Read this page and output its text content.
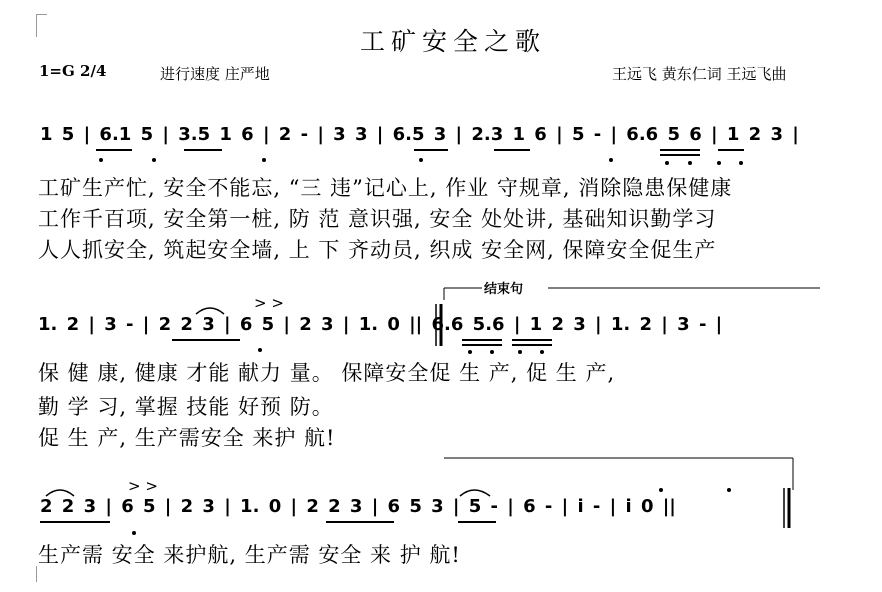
工矿安全之歌
1=G 2/4	进行速度 庄严地	王远飞 黄东仁词 王远飞曲
1 5 | 6.1 5 | 3.5 1 6 | 2 - | 3 3 | 6.5 3 | 2.3 1 6 | 5 - | 6.6 5 6 | 1 2 3 |
1. 2 | 3 - | 2 2 3 | 6 5 | 2 3 | 1. 0 || 6.6 5.6 | 1 2 3 | 1. 2 | 3 - |
2 2 3 | 6 5 | 2 3 | 1. 0 | 2 2 3 | 6 5 3 | 5 - | 6 - | i - | i 0 ||
结束句
工矿生产忙, 安全不能忘, “三 违”记心上, 作业 守规章, 消除隐患保健康
工作千百项, 安全第一桩, 防 范 意识强, 安全 处处讲, 基础知识勤学习
人人抓安全, 筑起安全墙, 上 下 齐动员, 织成 安全网, 保障安全促生产
保 健 康, 健康 才能 献力 量。 保障安全促 生 产, 促 生 产,
勤 学 习, 掌握 技能 好预 防。
促 生 产, 生产需安全 来护 航!
生产需 安全 来护航, 生产需 安全 来 护 航!
> >
> >
